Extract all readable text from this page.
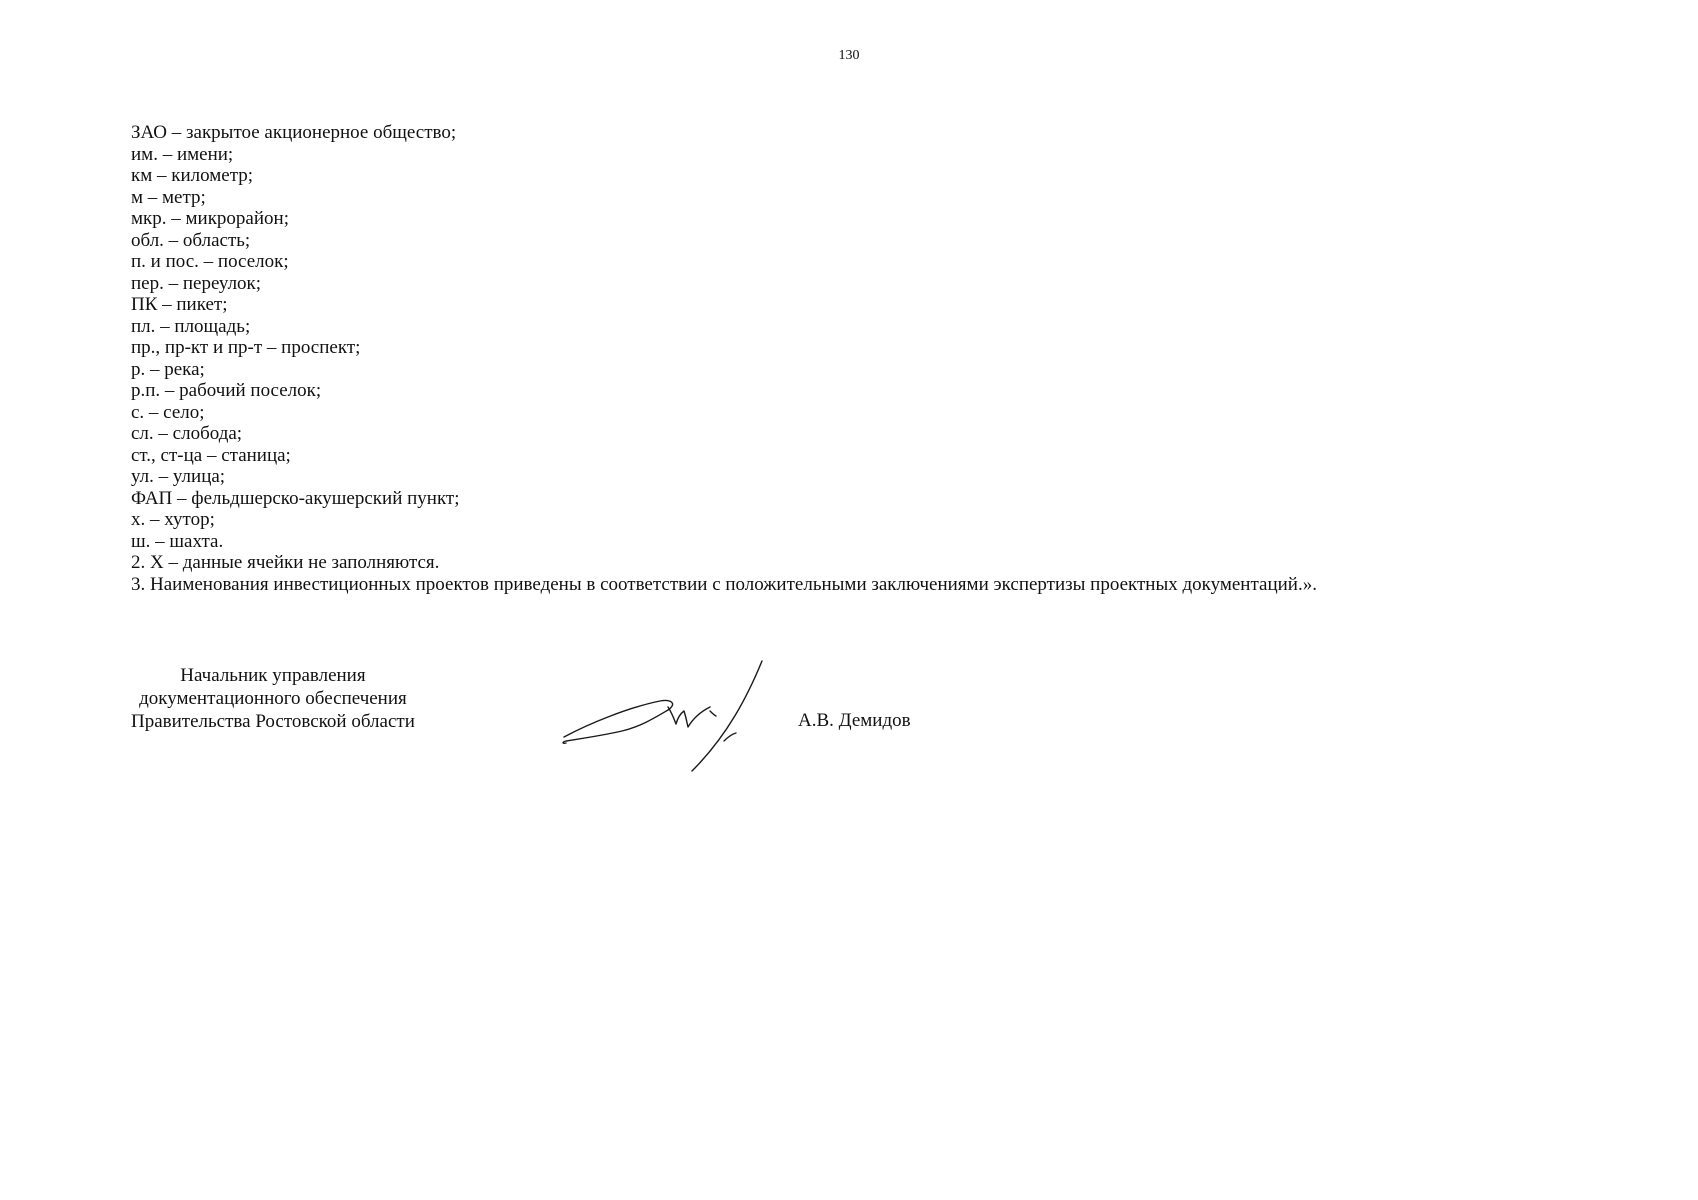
130
ЗАО – закрытое акционерное общество;
им. – имени;
км – километр;
м – метр;
мкр. – микрорайон;
обл. – область;
п. и пос. – поселок;
пер. – переулок;
ПК – пикет;
пл. – площадь;
пр., пр-кт и пр-т – проспект;
р. – река;
р.п. – рабочий поселок;
с. – село;
сл. – слобода;
ст., ст-ца – станица;
ул. – улица;
ФАП – фельдшерско-акушерский пункт;
х. – хутор;
ш. – шахта.
2. Х – данные ячейки не заполняются.
3. Наименования инвестиционных проектов приведены в соответствии с положительными заключениями экспертизы проектных документаций.».
Начальник управления
документационного обеспечения
Правительства Ростовской области	А.В. Демидов
